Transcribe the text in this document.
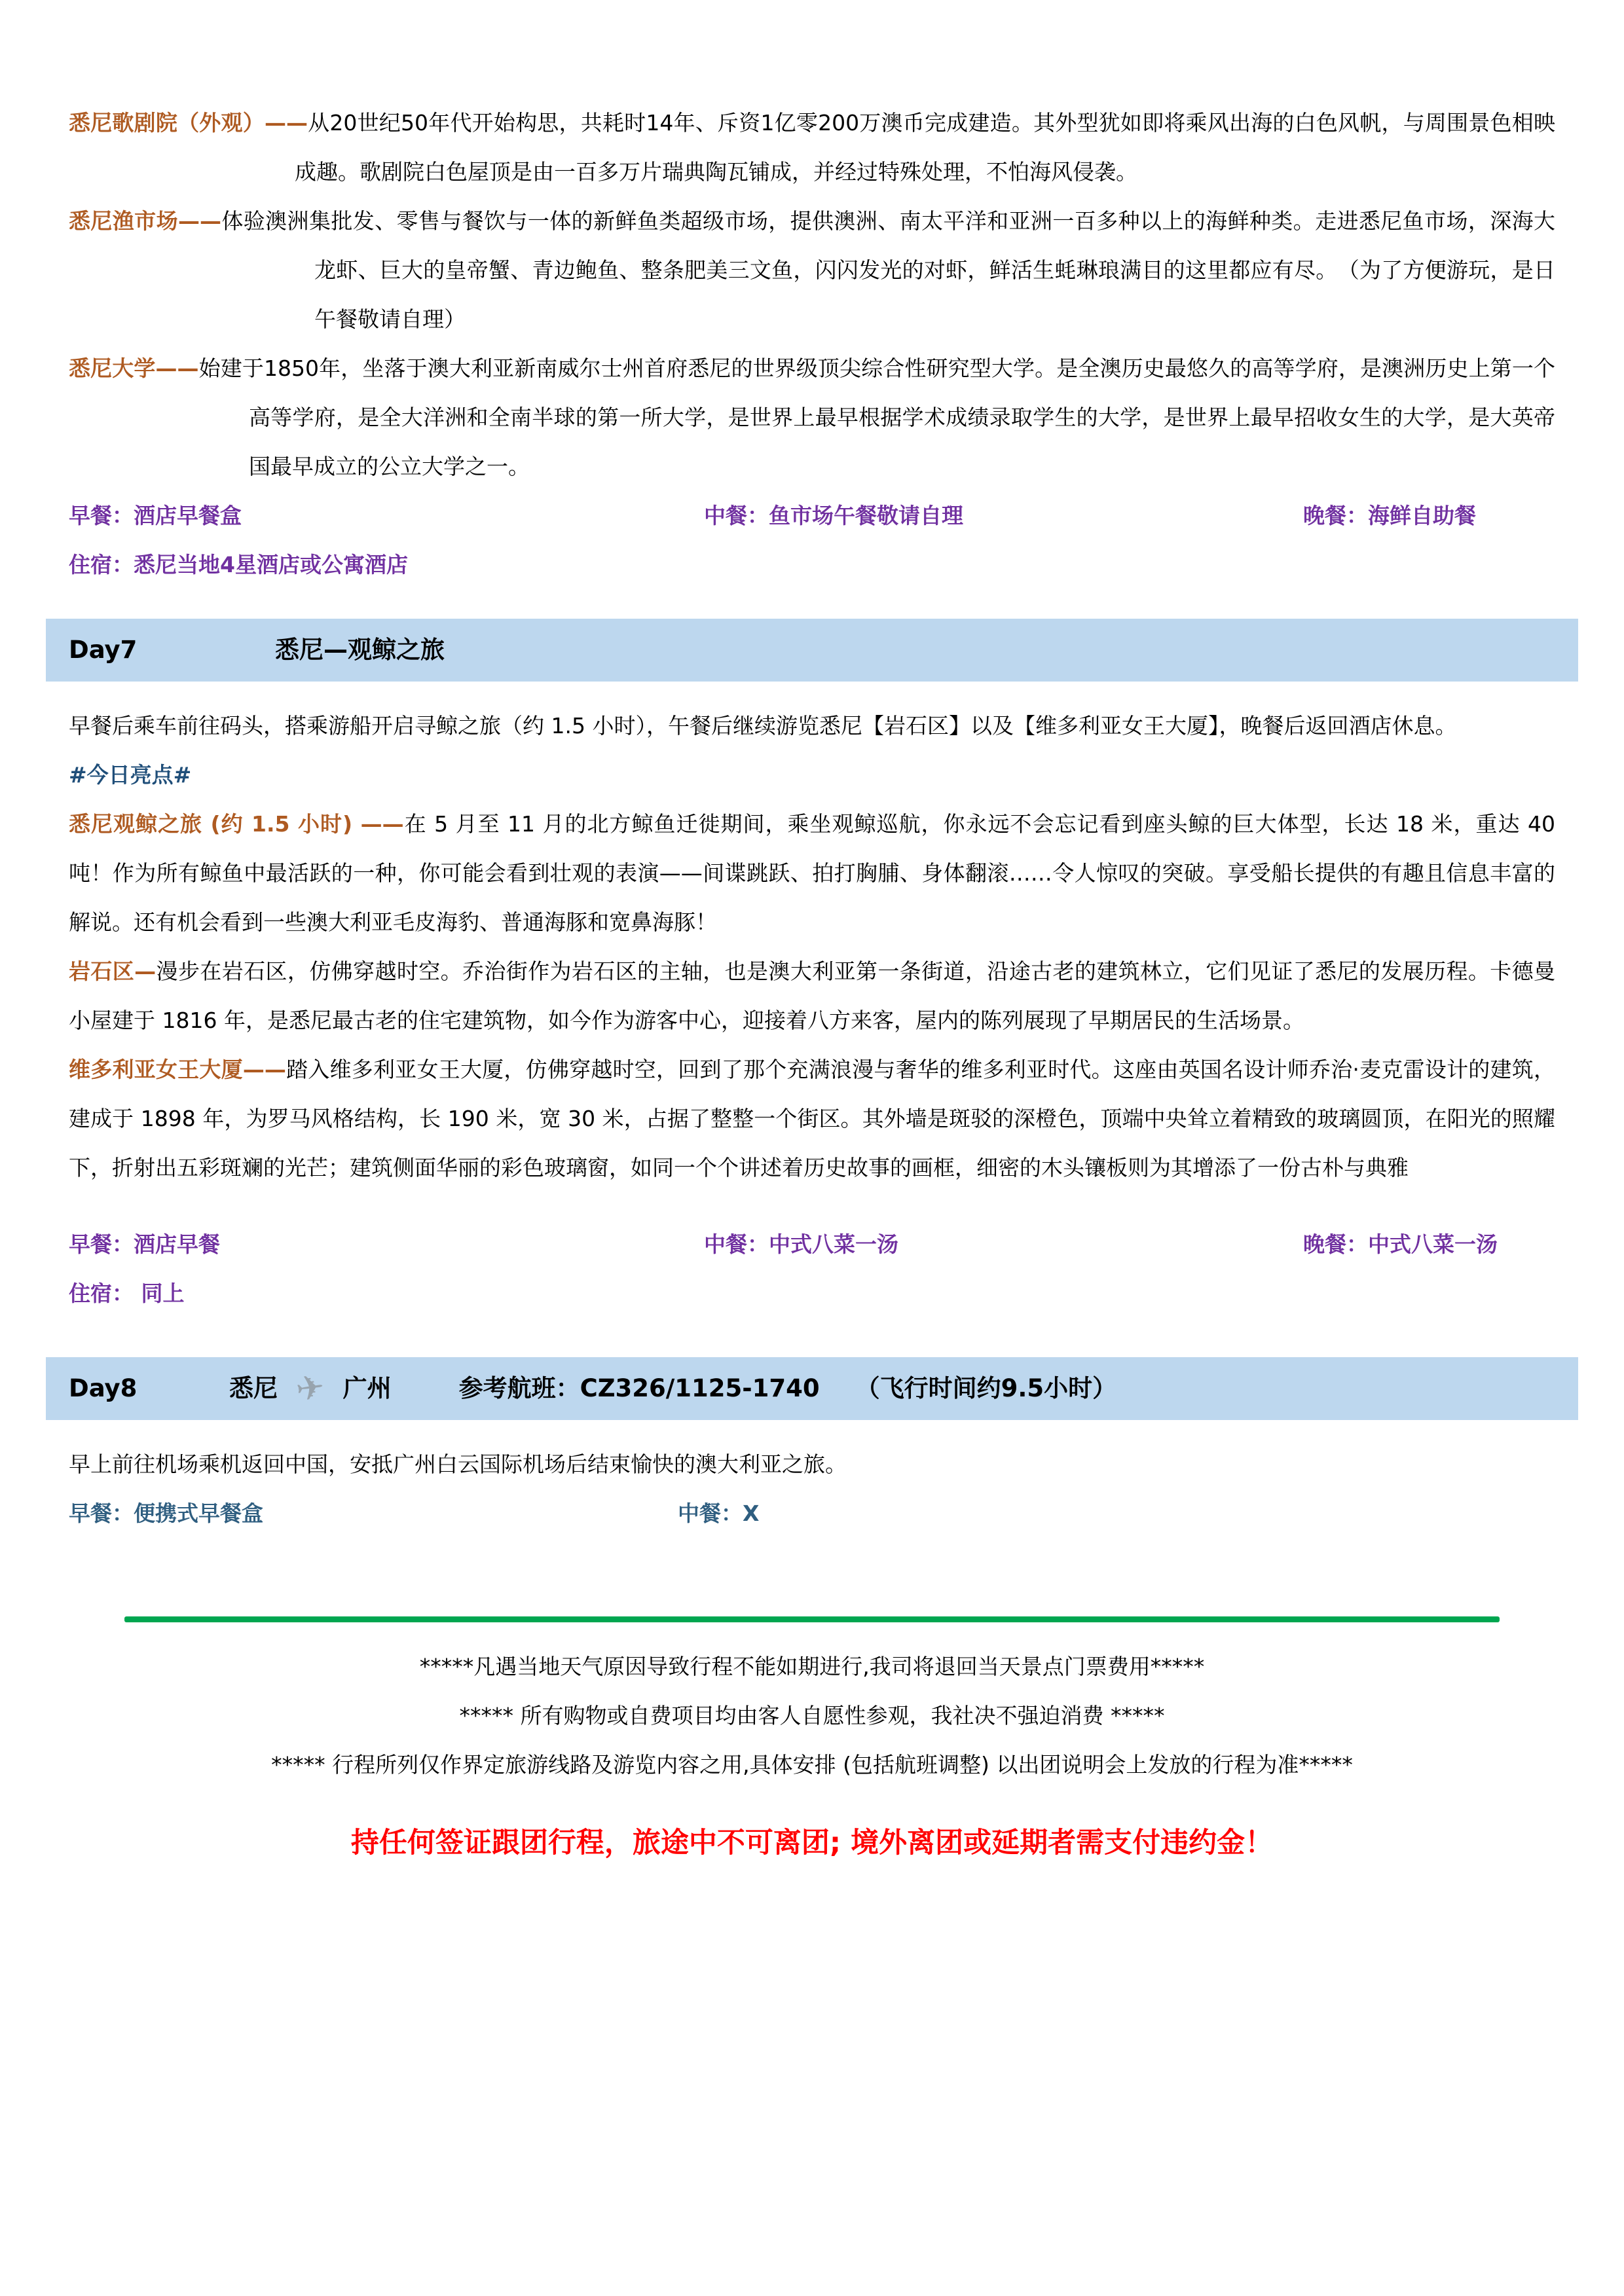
悉尼歌剧院（外观）——从20世纪50年代开始构思，共耗时14年、斥资1亿零200万澳币完成建造。其外型犹如即将乘风出海的白色风帆，与周围景色相映成趣。歌剧院白色屋顶是由一百多万片瑞典陶瓦铺成，并经过特殊处理，不怕海风侵袭。

悉尼渔市场——体验澳洲集批发、零售与餐饮与一体的新鲜鱼类超级市场，提供澳洲、南太平洋和亚洲一百多种以上的海鲜种类。走进悉尼鱼市场，深海大龙虾、巨大的皇帝蟹、青边鲍鱼、整条肥美三文鱼，闪闪发光的对虾，鲜活生蚝琳琅满目的这里都应有尽。　（为了方便游玩，是日午餐敬请自理）

悉尼大学——始建于1850年，坐落于澳大利亚新南威尔士州首府悉尼的世界级顶尖综合性研究型大学。是全澳历史最悠久的高等学府，是澳洲历史上第一个高等学府，是全大洋洲和全南半球的第一所大学，是世界上最早根据学术成绩录取学生的大学，是世界上最早招收女生的大学，是大英帝国最早成立的公立大学之一。

早餐：酒店早餐盒	中餐：鱼市场午餐敬请自理	晚餐：海鲜自助餐
住宿：悉尼当地4星酒店或公寓酒店
Day7	悉尼—观鲸之旅

早餐后乘车前往码头，搭乘游船开启寻鲸之旅（约 1.5 小时），午餐后继续游览悉尼【岩石区】以及【维多利亚女王大厦】，晚餐后返回酒店休息。

#今日亮点#

悉尼观鲸之旅 (约 1.5 小时) ——在 5 月至 11 月的北方鲸鱼迁徙期间，乘坐观鲸巡航，你永远不会忘记看到座头鲸的巨大体型，长达 18 米，重达 40 吨！作为所有鲸鱼中最活跃的一种，你可能会看到壮观的表演——间谍跳跃、拍打胸脯、身体翻滚……令人惊叹的突破。享受船长提供的有趣且信息丰富的解说。还有机会看到一些澳大利亚毛皮海豹、普通海豚和宽鼻海豚！

岩石区—漫步在岩石区，仿佛穿越时空。乔治街作为岩石区的主轴，也是澳大利亚第一条街道，沿途古老的建筑林立，它们见证了悉尼的发展历程。卡德曼小屋建于 1816 年，是悉尼最古老的住宅建筑物，如今作为游客中心，迎接着八方来客，屋内的陈列展现了早期居民的生活场景。

维多利亚女王大厦——踏入维多利亚女王大厦，仿佛穿越时空，回到了那个充满浪漫与奢华的维多利亚时代。这座由英国名设计师乔治·麦克雷设计的建筑，建成于 1898 年，为罗马风格结构，长 190 米，宽 30 米，占据了整整一个街区。其外墙是斑驳的深橙色，顶端中央耸立着精致的玻璃圆顶，在阳光的照耀下，折射出五彩斑斓的光芒；建筑侧面华丽的彩色玻璃窗，如同一个个讲述着历史故事的画框，细密的木头镶板则为其增添了一份古朴与典雅

早餐：酒店早餐	中餐：中式八菜一汤	晚餐：中式八菜一汤
住宿： 同上
Day8	悉尼 ✈ 广州	参考航班：CZ326/1125-1740 （飞行时间约9.5小时）

早上前往机场乘机返回中国，安抵广州白云国际机场后结束愉快的澳大利亚之旅。

早餐：便携式早餐盒	中餐：X

*****凡遇当地天气原因导致行程不能如期进行,我司将退回当天景点门票费用*****

***** 所有购物或自费项目均由客人自愿性参观，我社决不强迫消费 *****

***** 行程所列仅作界定旅游线路及游览内容之用,具体安排 (包括航班调整) 以出团说明会上发放的行程为准*****

持任何签证跟团行程，旅途中不可离团; 境外离团或延期者需支付违约金！
